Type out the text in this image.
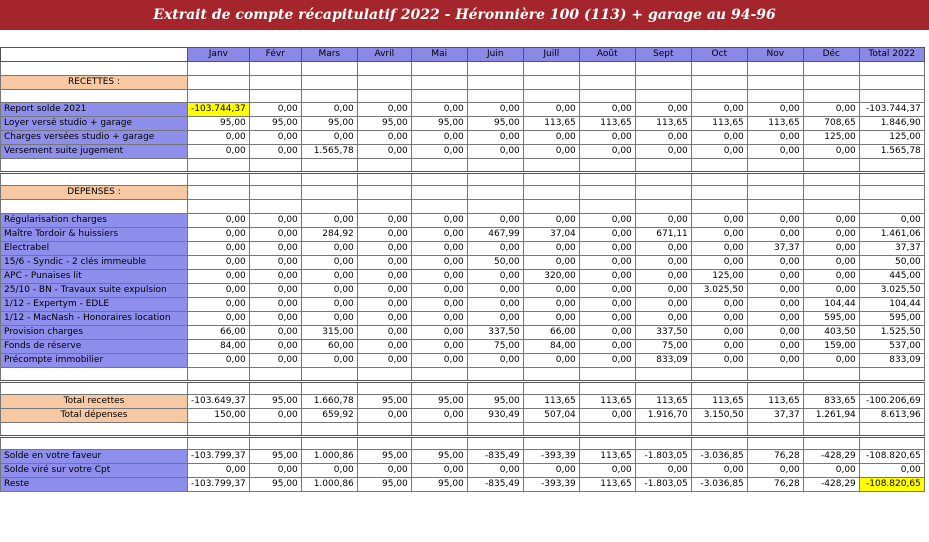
Extrait de compte récapitulatif 2022 - Héronnière 100 (113) + garage au 94-96
	Janv	Févr	Mars	Avril	Mai	Juin	Juill	Août	Sept	Oct	Nov	Déc	Total 2022

RECETTES :													

Report solde 2021	-103.744,37	0,00	0,00	0,00	0,00	0,00	0,00	0,00	0,00	0,00	0,00	0,00	-103.744,37
Loyer versé studio + garage	95,00	95,00	95,00	95,00	95,00	95,00	113,65	113,65	113,65	113,65	113,65	708,65	1.846,90
Charges versées studio + garage	0,00	0,00	0,00	0,00	0,00	0,00	0,00	0,00	0,00	0,00	0,00	125,00	125,00
Versement suite jugement	0,00	0,00	1.565,78	0,00	0,00	0,00	0,00	0,00	0,00	0,00	0,00	0,00	1.565,78

DEPENSES :													

Régularisation charges	0,00	0,00	0,00	0,00	0,00	0,00	0,00	0,00	0,00	0,00	0,00	0,00	0,00
Maître Tordoir & huissiers	0,00	0,00	284,92	0,00	0,00	467,99	37,04	0,00	671,11	0,00	0,00	0,00	1.461,06
Electrabel	0,00	0,00	0,00	0,00	0,00	0,00	0,00	0,00	0,00	0,00	37,37	0,00	37,37
15/6 - Syndic - 2 clés immeuble	0,00	0,00	0,00	0,00	0,00	50,00	0,00	0,00	0,00	0,00	0,00	0,00	50,00
APC - Punaises lit	0,00	0,00	0,00	0,00	0,00	0,00	320,00	0,00	0,00	125,00	0,00	0,00	445,00
25/10 - BN - Travaux suite expulsion	0,00	0,00	0,00	0,00	0,00	0,00	0,00	0,00	0,00	3.025,50	0,00	0,00	3.025,50
1/12 - Expertym - EDLE	0,00	0,00	0,00	0,00	0,00	0,00	0,00	0,00	0,00	0,00	0,00	104,44	104,44
1/12 - MacNash - Honoraires location	0,00	0,00	0,00	0,00	0,00	0,00	0,00	0,00	0,00	0,00	0,00	595,00	595,00
Provision charges	66,00	0,00	315,00	0,00	0,00	337,50	66,00	0,00	337,50	0,00	0,00	403,50	1.525,50
Fonds de réserve	84,00	0,00	60,00	0,00	0,00	75,00	84,00	0,00	75,00	0,00	0,00	159,00	537,00
Précompte immobilier	0,00	0,00	0,00	0,00	0,00	0,00	0,00	0,00	833,09	0,00	0,00	0,00	833,09

Total recettes	-103.649,37	95,00	1.660,78	95,00	95,00	95,00	113,65	113,65	113,65	113,65	113,65	833,65	-100.206,69
Total dépenses	150,00	0,00	659,92	0,00	0,00	930,49	507,04	0,00	1.916,70	3.150,50	37,37	1.261,94	8.613,96

Solde en votre faveur	-103.799,37	95,00	1.000,86	95,00	95,00	-835,49	-393,39	113,65	-1.803,05	-3.036,85	76,28	-428,29	-108.820,65
Solde viré sur votre Cpt	0,00	0,00	0,00	0,00	0,00	0,00	0,00	0,00	0,00	0,00	0,00	0,00	0,00
Reste	-103.799,37	95,00	1.000,86	95,00	95,00	-835,49	-393,39	113,65	-1.803,05	-3.036,85	76,28	-428,29	-108.820,65
